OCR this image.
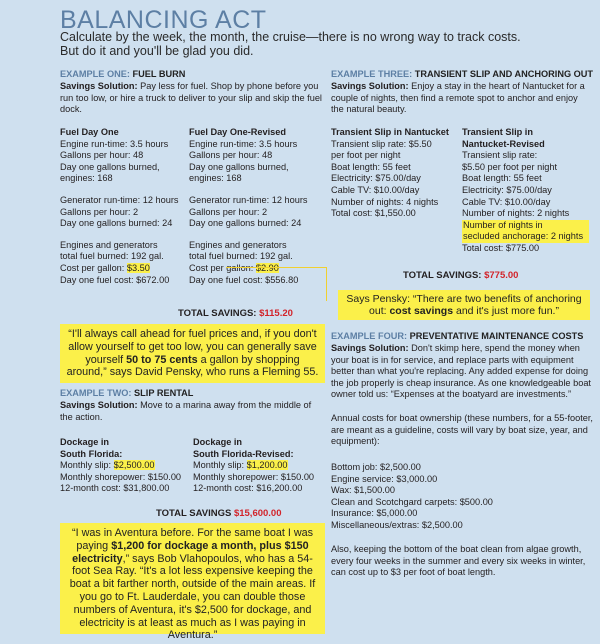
BALANCING ACT
Calculate by the week, the month, the cruise—there is no wrong way to track costs.
But do it and you'll be glad you did.
EXAMPLE ONE: FUEL BURN
Savings Solution: Pay less for fuel. Shop by phone before you run too low, or hire a truck to deliver to your slip and skip the fuel dock.
Fuel Day One
Engine run-time: 3.5 hours
Gallons per hour: 48
Day one gallons burned,
engines: 168
Generator run-time: 12 hours
Gallons per hour: 2
Day one gallons burned: 24
Engines and generators
total fuel burned: 192 gal.
Cost per gallon: $3.50
Day one fuel cost: $672.00
Fuel Day One-Revised
Engine run-time: 3.5 hours
Gallons per hour: 48
Day one gallons burned,
engines: 168
Generator run-time: 12 hours
Gallons per hour: 2
Day one gallons burned: 24
Engines and generators
total fuel burned: 192 gal.
Cost per gallon: $2.90
Day one fuel cost: $556.80
TOTAL SAVINGS: $115.20
“I'll always call ahead for fuel prices and, if you don't allow yourself to get too low, you can generally save yourself 50 to 75 cents a gallon by shopping around,” says David Pensky, who runs a Fleming 55.
EXAMPLE TWO: SLIP RENTAL
Savings Solution: Move to a marina away from the middle of the action.
Dockage in
South Florida:
Monthly slip: $2,500.00
Monthly shorepower: $150.00
12-month cost: $31,800.00
Dockage in
South Florida-Revised:
Monthly slip: $1,200.00
Monthly shorepower: $150.00
12-month cost: $16,200.00
TOTAL SAVINGS $15,600.00
“I was in Aventura before. For the same boat I was paying $1,200 for dockage a month, plus $150 electricity,” says Bob Vlahopoulos, who has a 54-foot Sea Ray. “It's a lot less expensive keeping the boat a bit farther north, outside of the main areas. If you go to Ft. Lauderdale, you can double those numbers of Aventura, it's $2,500 for dockage, and electricity is at least as much as I was paying in Aventura.”
EXAMPLE THREE: TRANSIENT SLIP AND ANCHORING OUT
Savings Solution: Enjoy a stay in the heart of Nantucket for a couple of nights, then find a remote spot to anchor and enjoy the natural beauty.
Transient Slip in Nantucket
Transient slip rate: $5.50
per foot per night
Boat length: 55 feet
Electricity: $75.00/day
Cable TV: $10.00/day
Number of nights: 4 nights
Total cost: $1,550.00
Transient Slip in
Nantucket-Revised
Transient slip rate:
$5.50 per foot per night
Boat length: 55 feet
Electricity: $75.00/day
Cable TV: $10.00/day
Number of nights: 2 nights
Number of nights in
secluded anchorage: 2 nights
Total cost: $775.00
TOTAL SAVINGS: $775.00
Says Pensky: “There are two benefits of anchoring out: cost savings and it's just more fun.”
EXAMPLE FOUR: PREVENTATIVE MAINTENANCE COSTS
Savings Solution: Don't skimp here, spend the money when your boat is in for service, and replace parts with equipment better than what you're replacing. Any added expense for doing the job properly is cheap insurance. As one knowledgeable boat owner told us: “Expenses at the boatyard are investments.”
Annual costs for boat ownership (these numbers, for a 55-footer, are meant as a guideline, costs will vary by boat size, year, and equipment):
Bottom job: $2,500.00
Engine service: $3,000.00
Wax: $1,500.00
Clean and Scotchgard carpets: $500.00
Insurance: $5,000.00
Miscellaneous/extras: $2,500.00
Also, keeping the bottom of the boat clean from algae growth, every four weeks in the summer and every six weeks in winter, can cost up to $3 per foot of boat length.
